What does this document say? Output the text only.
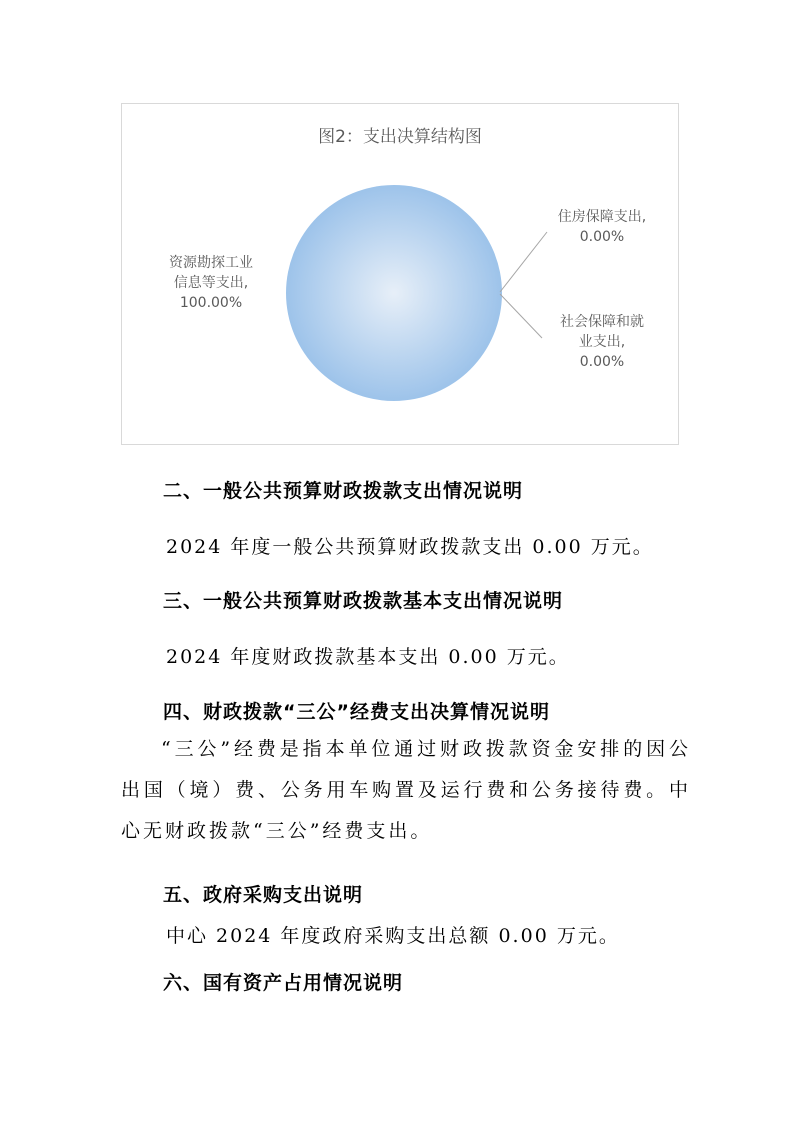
图2：支出决算结构图
资源勘探工业
信息等支出,
100.00%
住房保障支出,
0.00%
社会保障和就
业支出,
0.00%
二、一般公共预算财政拨款支出情况说明
2024 年度一般公共预算财政拨款支出 0.00 万元。
三、一般公共预算财政拨款基本支出情况说明
2024 年度财政拨款基本支出 0.00 万元。
四、财政拨款“三公”经费支出决算情况说明
“三公”经费是指本单位通过财政拨款资金安排的因公出国（境）费、公务用车购置及运行费和公务接待费。中心无财政拨款“三公”经费支出。
五、政府采购支出说明
中心 2024 年度政府采购支出总额 0.00 万元。
六、国有资产占用情况说明
